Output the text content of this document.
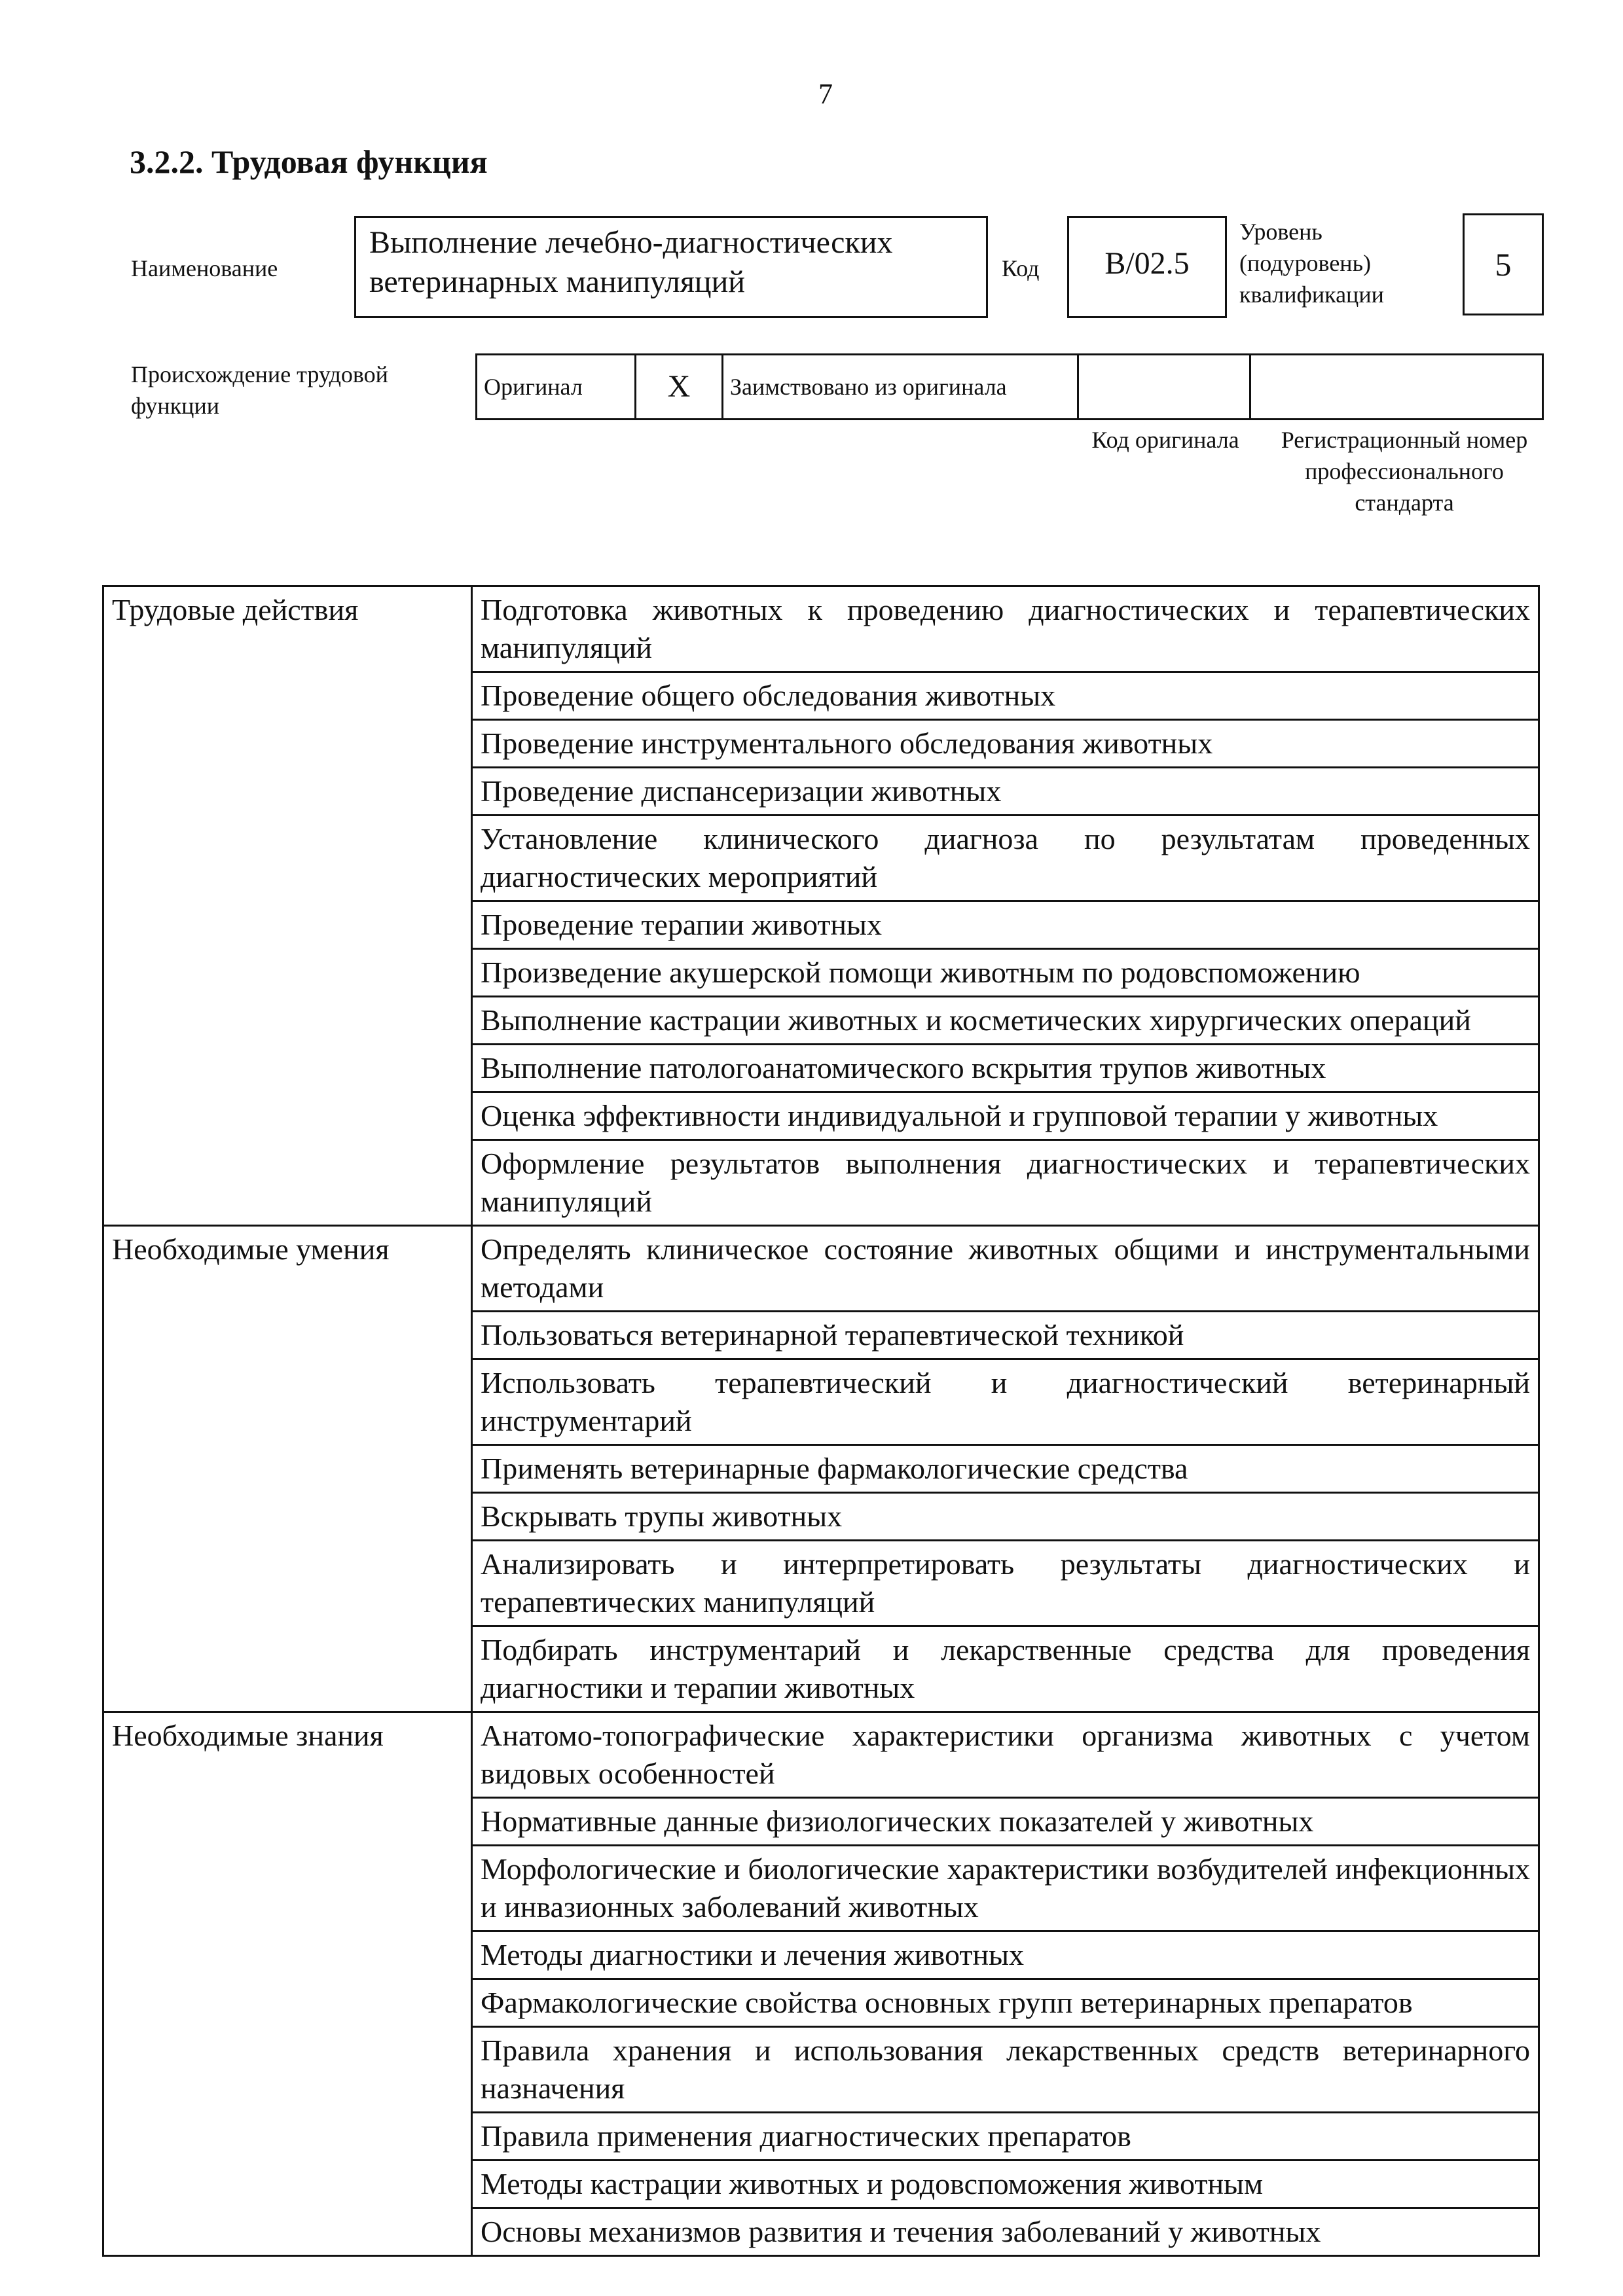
7
3.2.2. Трудовая функция
Наименование
Выполнение лечебно-диагностических ветеринарных манипуляций	Код	B/02.5
Уровень (подуровень) квалификации
5
Происхождение трудовой функции
Оригинал	X	Заимствовано из оригинала		
Код оригинала	Регистрационный номер профессионального стандарта
Трудовые действия	Подготовка животных к проведению диагностических и терапевтических манипуляций
	Проведение общего обследования животных
	Проведение инструментального обследования животных
	Проведение диспансеризации животных
	Установление клинического диагноза по результатам проведенных диагностических мероприятий
	Проведение терапии животных
	Произведение акушерской помощи животным по родовспоможению
	Выполнение кастрации животных и косметических хирургических операций
	Выполнение патологоанатомического вскрытия трупов животных
	Оценка эффективности индивидуальной и групповой терапии у животных
	Оформление результатов выполнения диагностических и терапевтических манипуляций
Необходимые умения	Определять клиническое состояние животных общими и инструментальными методами
	Пользоваться ветеринарной терапевтической техникой
	Использовать терапевтический и диагностический ветеринарный инструментарий
	Применять ветеринарные фармакологические средства
	Вскрывать трупы животных
	Анализировать и интерпретировать результаты диагностических и терапевтических манипуляций
	Подбирать инструментарий и лекарственные средства для проведения диагностики и терапии животных
Необходимые знания	Анатомо-топографические характеристики организма животных с учетом видовых особенностей
	Нормативные данные физиологических показателей у животных
	Морфологические и биологические характеристики возбудителей инфекционных и инвазионных заболеваний животных
	Методы диагностики и лечения животных
	Фармакологические свойства основных групп ветеринарных препаратов
	Правила хранения и использования лекарственных средств ветеринарного назначения
	Правила применения диагностических препаратов
	Методы кастрации животных и родовспоможения животным
	Основы механизмов развития и течения заболеваний у животных
